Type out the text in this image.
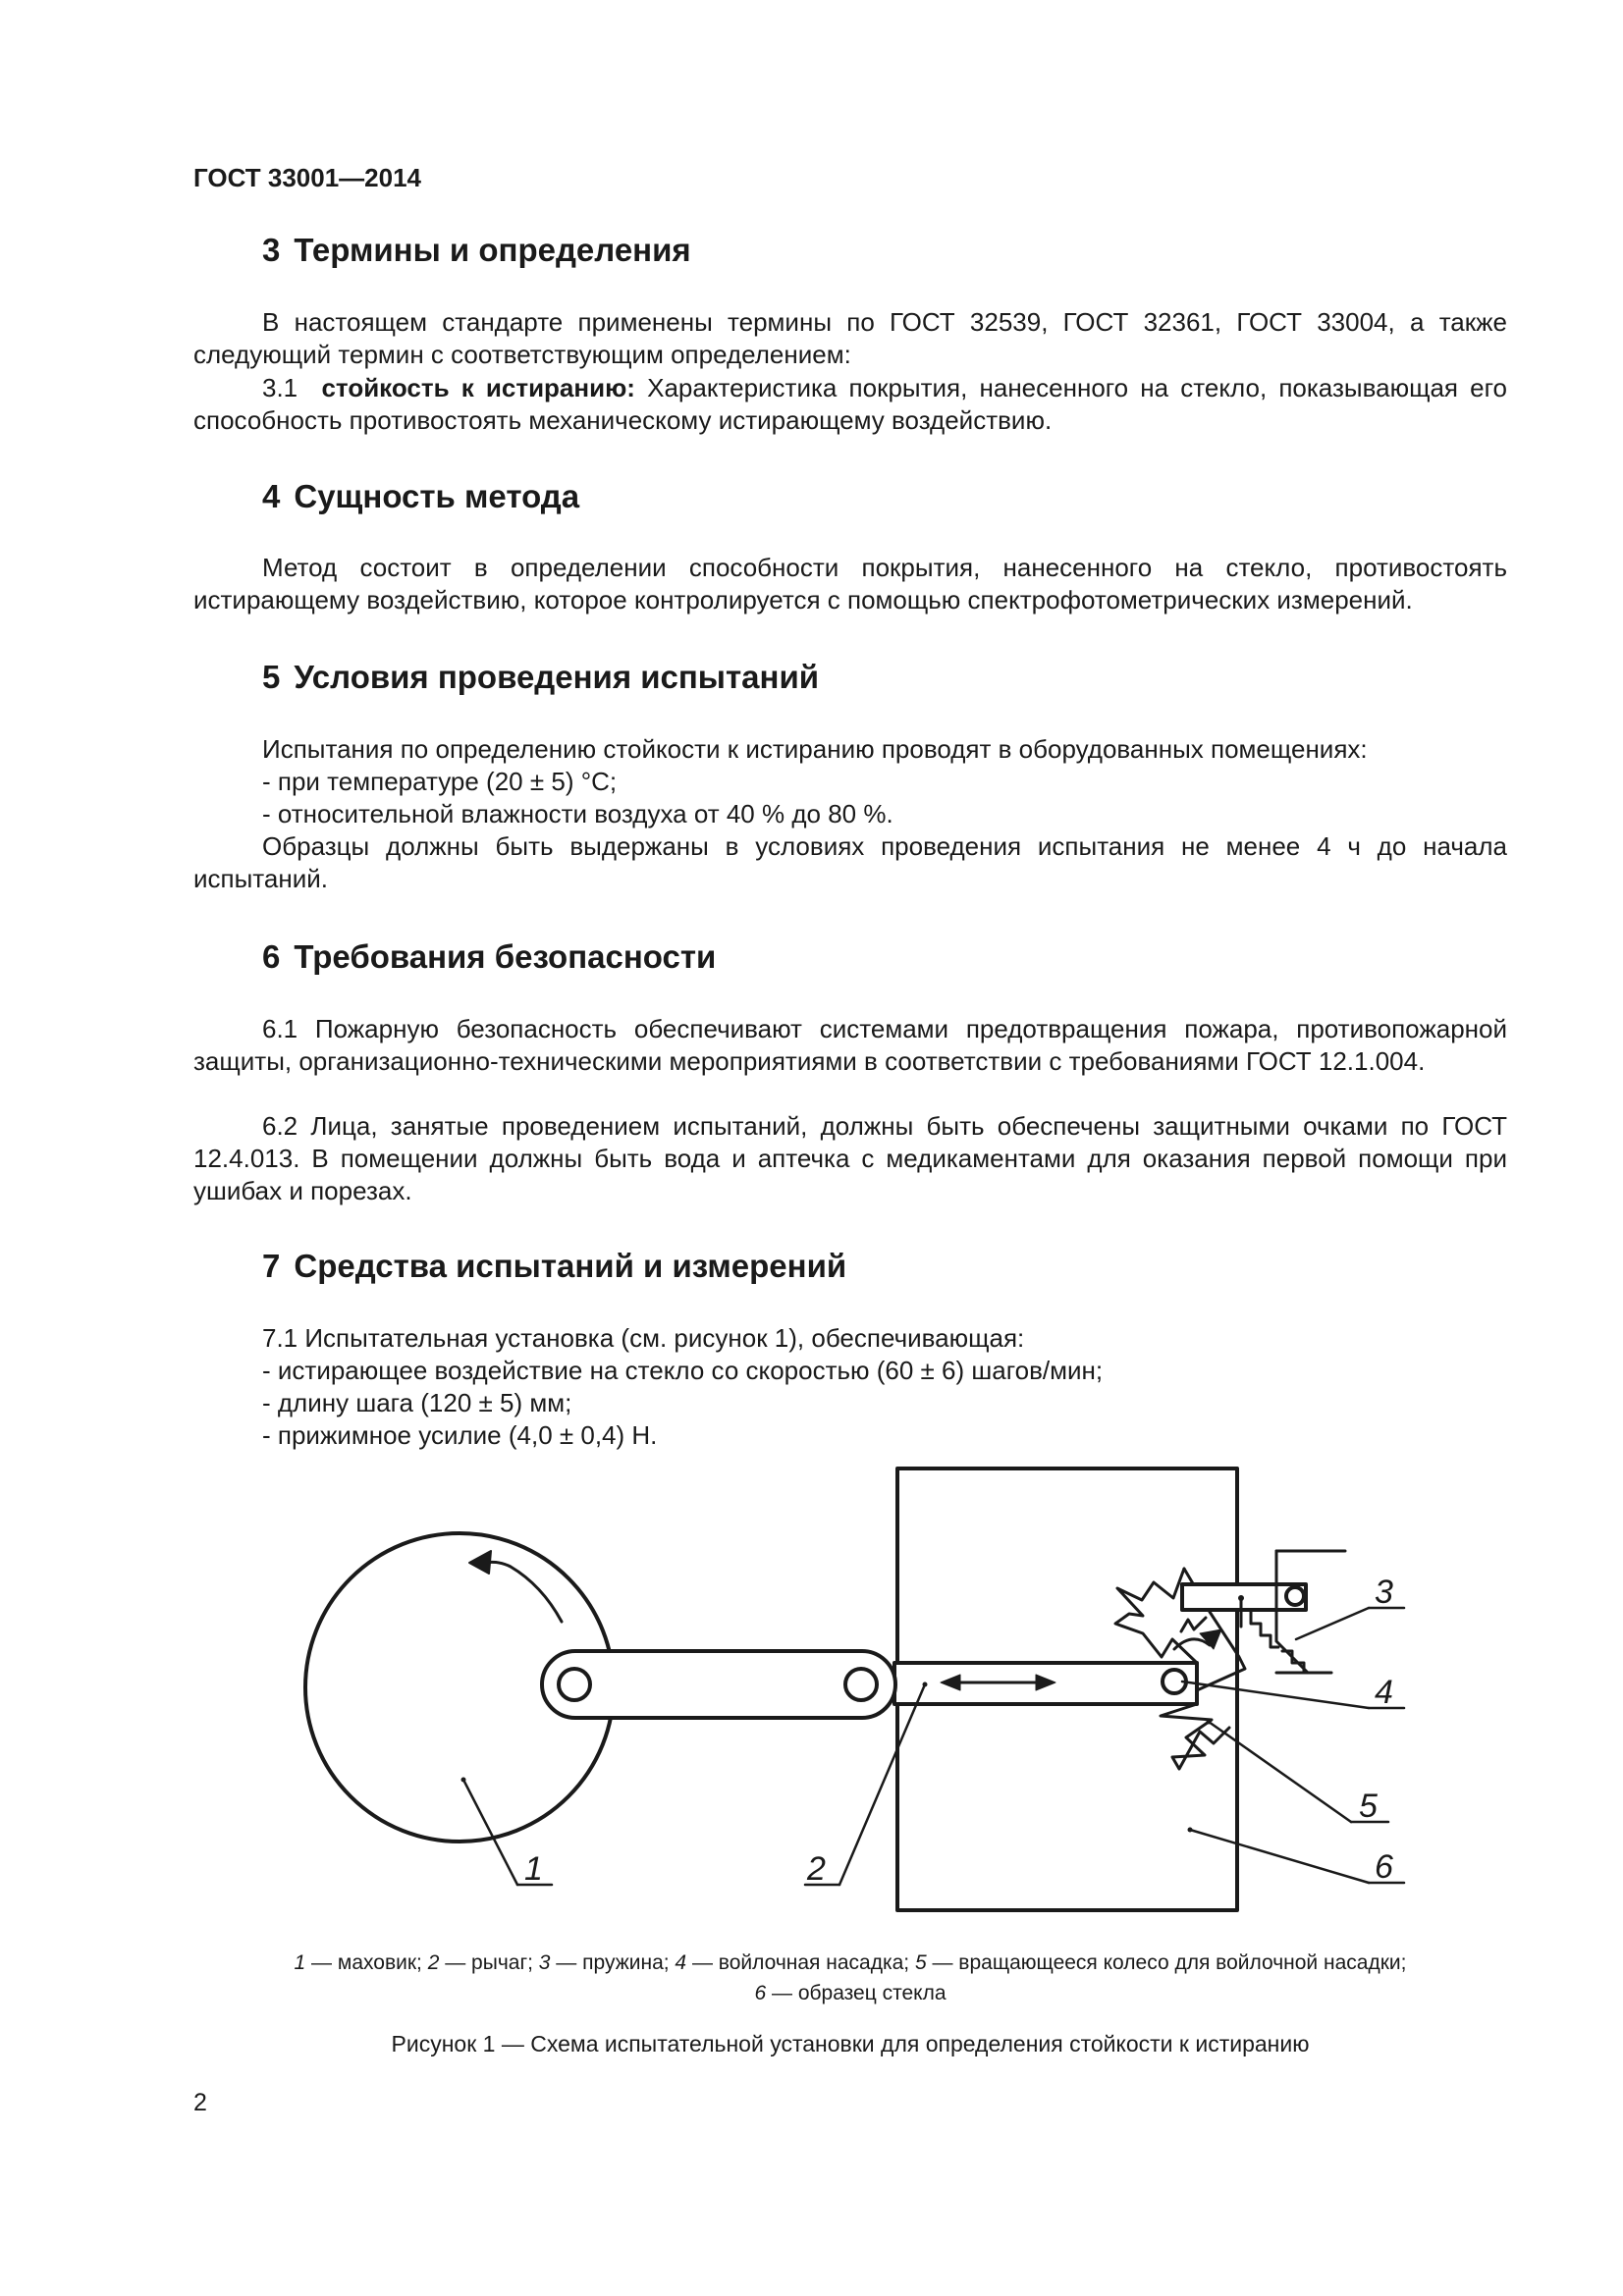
ГОСТ 33001—2014
3 Термины и определения
В настоящем стандарте применены термины по ГОСТ 32539, ГОСТ 32361, ГОСТ 33004, а также следующий термин с соответствующим определением:
3.1 стойкость к истиранию: Характеристика покрытия, нанесенного на стекло, показывающая его способность противостоять механическому истирающему воздействию.
4 Сущность метода
Метод состоит в определении способности покрытия, нанесенного на стекло, противостоять истирающему воздействию, которое контролируется с помощью спектрофотометрических измерений.
5 Условия проведения испытаний
Испытания по определению стойкости к истиранию проводят в оборудованных помещениях:
- при температуре (20 ± 5) °С;
- относительной влажности воздуха от 40 % до 80 %.
Образцы должны быть выдержаны в условиях проведения испытания не менее 4 ч до начала испытаний.
6 Требования безопасности
6.1 Пожарную безопасность обеспечивают системами предотвращения пожара, противопожарной защиты, организационно-техническими мероприятиями в соответствии с требованиями ГОСТ 12.1.004.
6.2 Лица, занятые проведением испытаний, должны быть обеспечены защитными очками по ГОСТ 12.4.013. В помещении должны быть вода и аптечка с медикаментами для оказания первой помощи при ушибах и порезах.
7 Средства испытаний и измерений
7.1 Испытательная установка (см. рисунок 1), обеспечивающая:
- истирающее воздействие на стекло со скоростью (60 ± 6) шагов/мин;
- длину шага (120 ± 5) мм;
- прижимное усилие (4,0 ± 0,4) Н.
1	2
3
4
5
6
1 — маховик; 2 — рычаг; 3 — пружина; 4 — войлочная насадка; 5 — вращающееся колесо для войлочной насадки;
6 — образец стекла
Рисунок 1 — Схема испытательной установки для определения стойкости к истиранию
2
